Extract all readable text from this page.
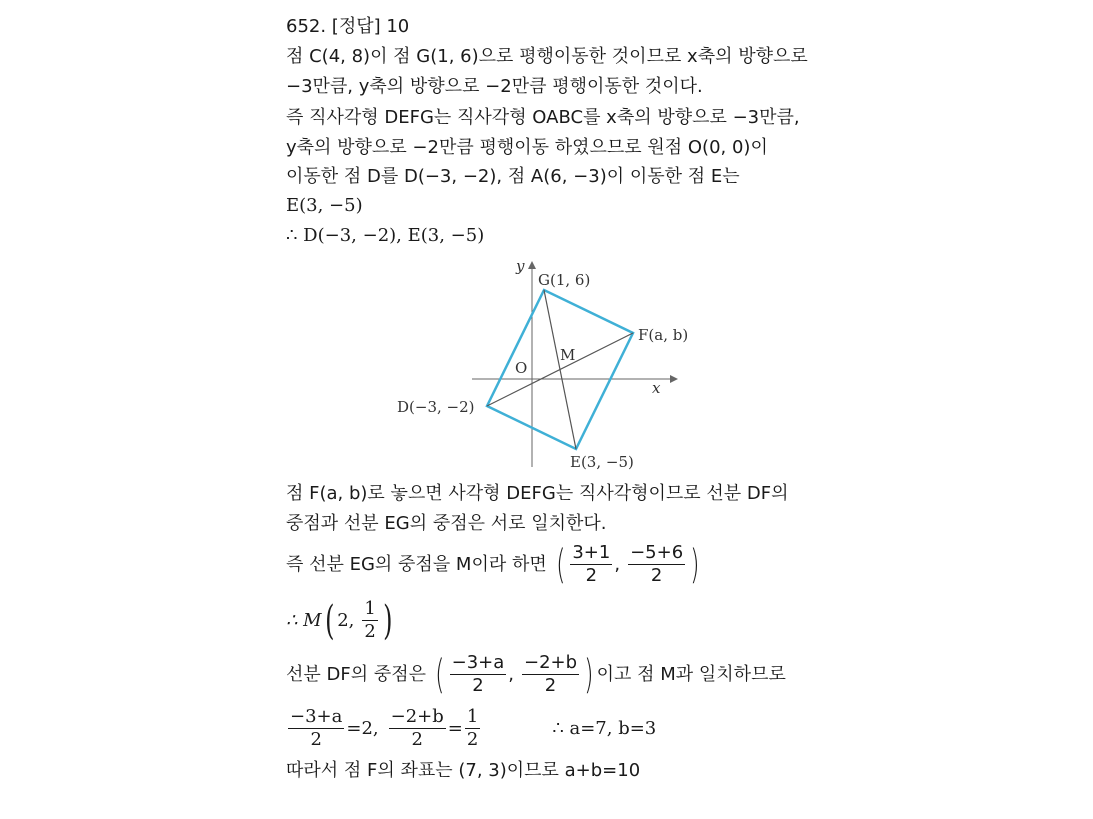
652. [정답] 10
점 C(4, 8)이 점 G(1, 6)으로 평행이동한 것이므로 x축의 방향으로
−3만큼, y축의 방향으로 −2만큼 평행이동한 것이다.
즉 직사각형 DEFG는 직사각형 OABC를 x축의 방향으로 −3만큼,
y축의 방향으로 −2만큼 평행이동 하였으므로 원점 O(0, 0)이
이동한 점 D를 D(−3, −2), 점 A(6, −3)이 이동한 점 E는
E(3, −5)
∴ D(−3, −2), E(3, −5)
y
x
O
G(1, 6)
F(a, b)
M
D(−3, −2)
E(3, −5)
점 F(a, b)로 놓으면 사각형 DEFG는 직사각형이므로 선분 DF의
중점과 선분 EG의 중점은 서로 일치한다.
즉 선분 EG의 중점을 M이라 하면 ( $\frac{3+1}{2}$ , $\frac{-5+6}{2}$ )
∴ M ( 2, $\frac{1}{2}$ )
선분 DF의 중점은 ( $\frac{-3+a}{2}$ , $\frac{-2+b}{2}$ ) 이고 점 M과 일치하므로
$\frac{-3+a}{2} =2$, $\frac{-2+b}{2} = \frac{1}{2}$	∴ a=7, b=3
따라서 점 F의 좌표는 (7, 3)이므로 a+b=10
